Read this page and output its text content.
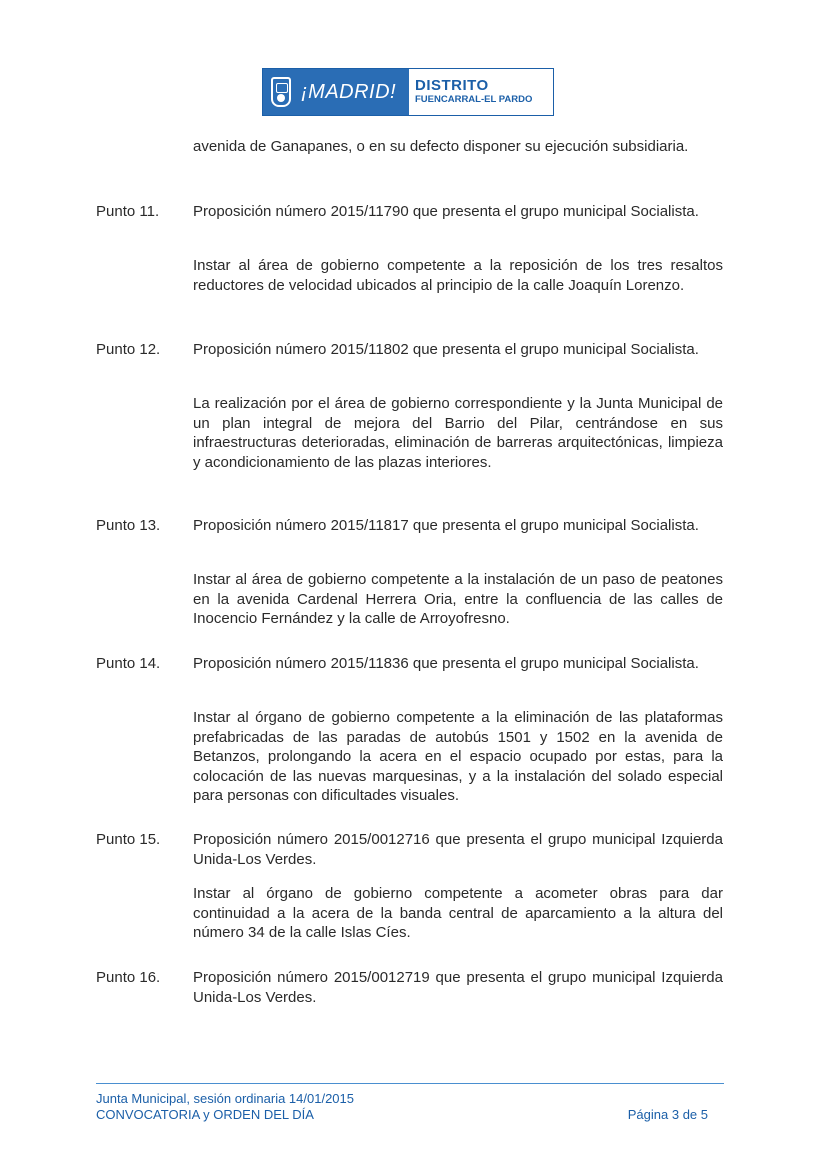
¡MADRID! DISTRITO
FUENCARRAL-EL PARDO
avenida de Ganapanes, o en su defecto disponer su ejecución subsidiaria.
Punto 11. Proposición número 2015/11790 que presenta el grupo municipal Socialista.
Instar al área de gobierno competente a la reposición de los tres resaltos reductores de velocidad ubicados al principio de la calle Joaquín Lorenzo.
Punto 12. Proposición número 2015/11802 que presenta el grupo municipal Socialista.
La realización por el área de gobierno correspondiente y la Junta Municipal de un plan integral de mejora del Barrio del Pilar, centrándose en sus infraestructuras deterioradas, eliminación de barreras arquitectónicas, limpieza y acondicionamiento de las plazas interiores.
Punto 13. Proposición número 2015/11817 que presenta el grupo municipal Socialista.
Instar al área de gobierno competente a la instalación de un paso de peatones en la avenida Cardenal Herrera Oria, entre la confluencia de las calles de Inocencio Fernández y la calle de Arroyofresno.
Punto 14. Proposición número 2015/11836 que presenta el grupo municipal Socialista.
Instar al órgano de gobierno competente a la eliminación de las plataformas prefabricadas de las paradas de autobús 1501 y 1502 en la avenida de Betanzos, prolongando la acera en el espacio ocupado por estas, para la colocación de las nuevas marquesinas, y a la instalación del solado especial para personas con dificultades visuales.
Punto 15. Proposición número 2015/0012716 que presenta el grupo municipal Izquierda Unida-Los Verdes.
Instar al órgano de gobierno competente a acometer obras para dar continuidad a la acera de la banda central de aparcamiento a la altura del número 34 de la calle Islas Cíes.
Punto 16. Proposición número 2015/0012719 que presenta el grupo municipal Izquierda Unida-Los Verdes.
Junta Municipal, sesión ordinaria 14/01/2015
CONVOCATORIA y ORDEN DEL DÍA	Página 3 de 5
